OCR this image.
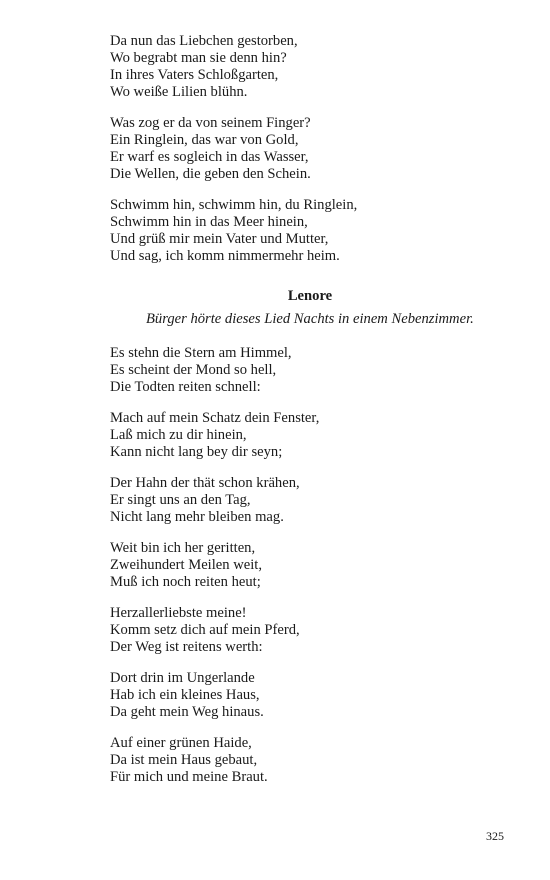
Da nun das Liebchen gestorben,
Wo begrabt man sie denn hin?
In ihres Vaters Schloßgarten,
Wo weiße Lilien blühn.
Was zog er da von seinem Finger?
Ein Ringlein, das war von Gold,
Er warf es sogleich in das Wasser,
Die Wellen, die geben den Schein.
Schwimm hin, schwimm hin, du Ringlein,
Schwimm hin in das Meer hinein,
Und grüß mir mein Vater und Mutter,
Und sag, ich komm nimmermehr heim.
Lenore
Bürger hörte dieses Lied Nachts in einem Nebenzimmer.
Es stehn die Stern am Himmel,
Es scheint der Mond so hell,
Die Todten reiten schnell:
Mach auf mein Schatz dein Fenster,
Laß mich zu dir hinein,
Kann nicht lang bey dir seyn;
Der Hahn der thät schon krähen,
Er singt uns an den Tag,
Nicht lang mehr bleiben mag.
Weit bin ich her geritten,
Zweihundert Meilen weit,
Muß ich noch reiten heut;
Herzallerliebste meine!
Komm setz dich auf mein Pferd,
Der Weg ist reitens werth:
Dort drin im Ungerlande
Hab ich ein kleines Haus,
Da geht mein Weg hinaus.
Auf einer grünen Haide,
Da ist mein Haus gebaut,
Für mich und meine Braut.
325
